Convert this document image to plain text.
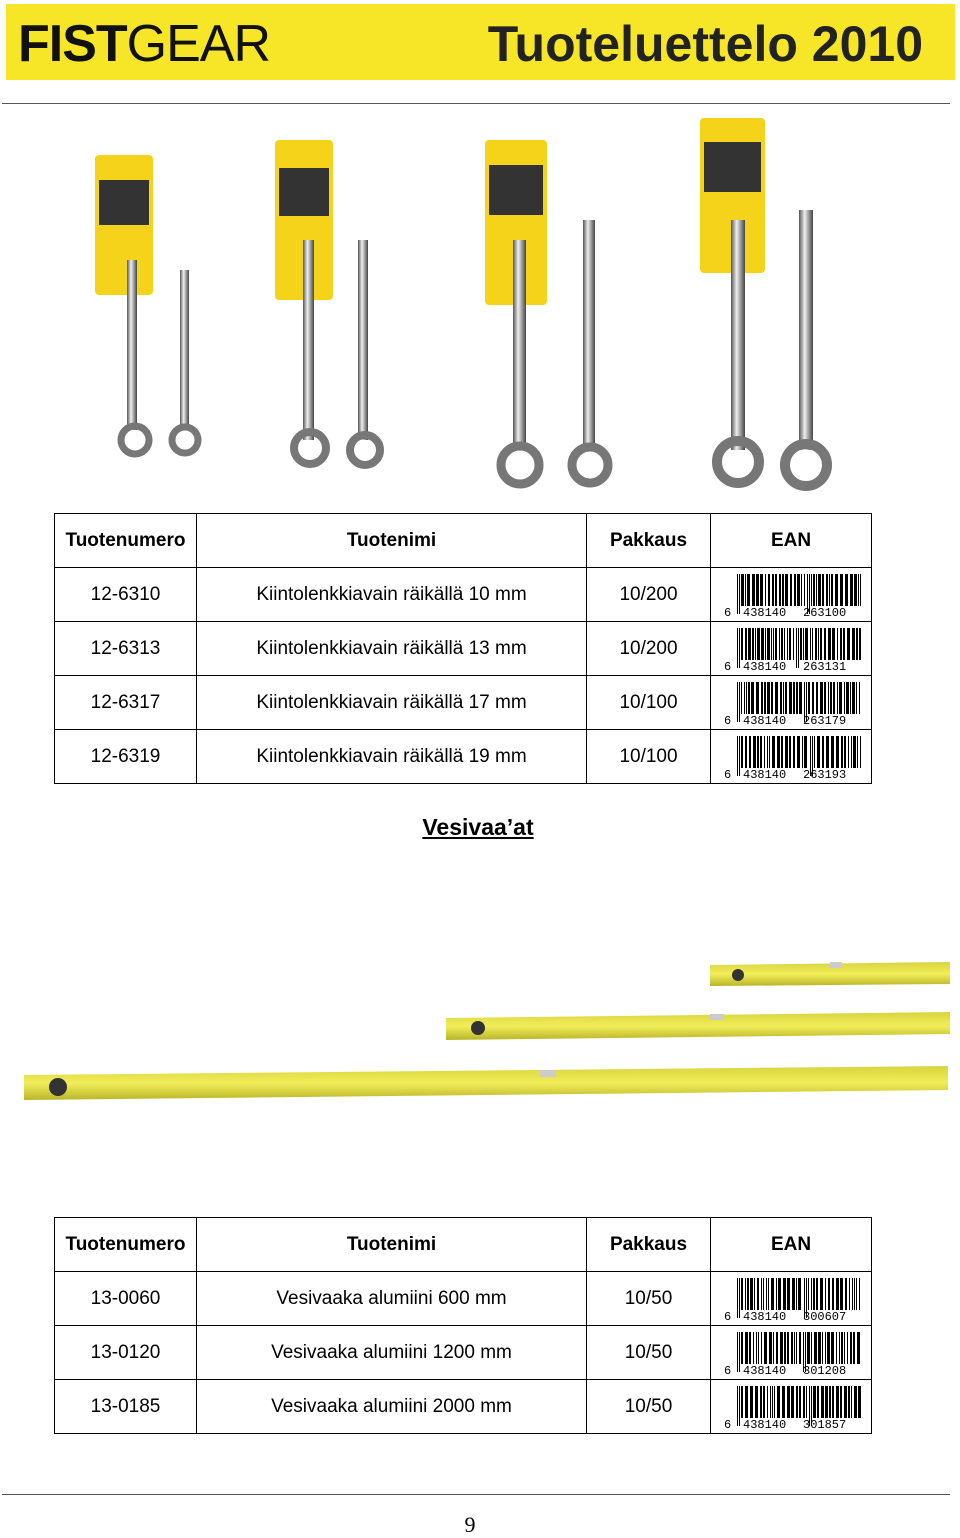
FISTGEAR	Tuoteluettelo 2010
Tuotenumero	Tuotenimi	Pakkaus	EAN
12-6310	Kiintolenkkiavain räikällä 10 mm	10/200	6 438140 263100

12-6313	Kiintolenkkiavain räikällä 13 mm	10/200	6 438140 263131

12-6317	Kiintolenkkiavain räikällä 17 mm	10/100	6 438140 263179

12-6319	Kiintolenkkiavain räikällä 19 mm	10/100	6 438140 263193
Vesivaa’at
Tuotenumero	Tuotenimi	Pakkaus	EAN
13-0060	Vesivaaka alumiini 600 mm	10/50	6 438140 300607

13-0120	Vesivaaka alumiini 1200 mm	10/50	6 438140 301208

13-0185	Vesivaaka alumiini 2000 mm	10/50	6 438140 301857
9
